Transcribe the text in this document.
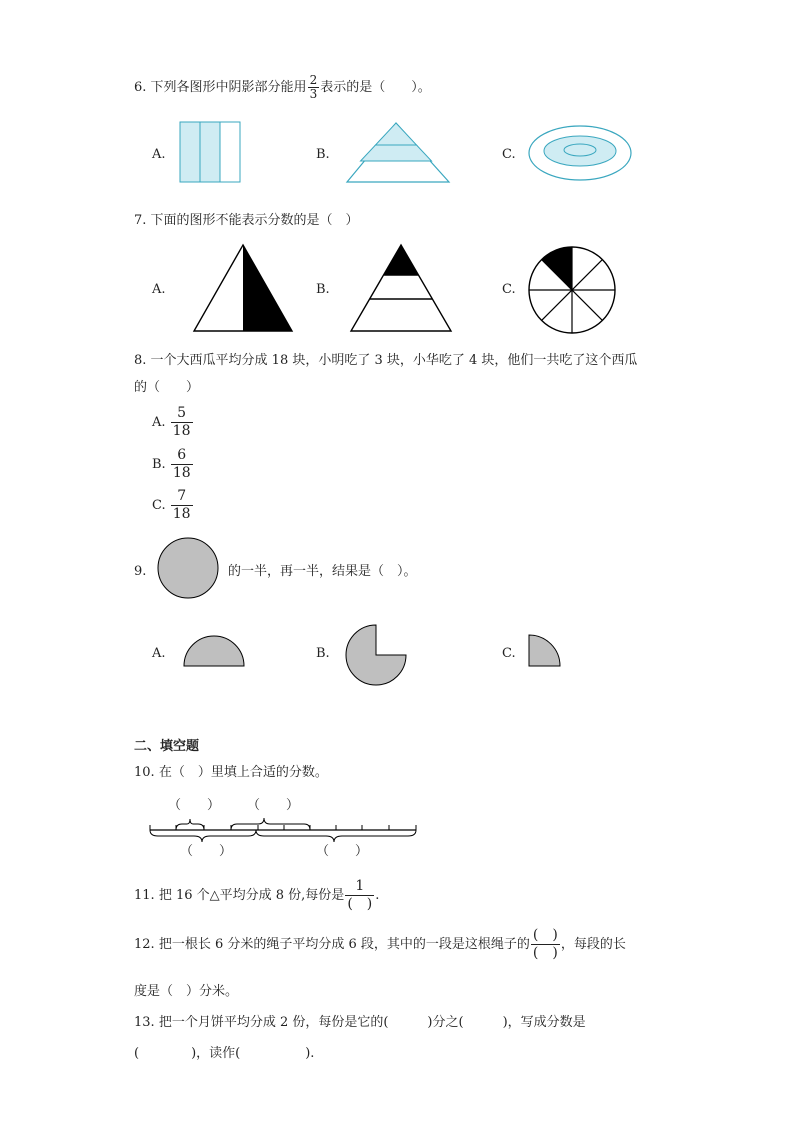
6. 下列各图形中阴影部分能用 $\frac{2}{3}$ 表示的是（　　）。
A.	B.	C.
7. 下面的图形不能表示分数的是（　）
A.	B.	C.
8. 一个大西瓜平均分成 18 块，小明吃了 3 块，小华吃了 4 块，他们一共吃了这个西瓜
的（　　）
A. $\frac{5}{18}$
B. $\frac{6}{18}$
C. $\frac{7}{18}$
9.	的一半，再一半，结果是（　）。
A.	B.	C.
二、填空题
10. 在（　）里填上合适的分数。
（　　） （　　）
（　　）	（　　）
11. 把 16 个△平均分成 8 份,每份是 $\frac{1}{( )}$ .
12. 把一根长 6 分米的绳子平均分成 6 段，其中的一段是这根绳子的 $\frac{( )}{( )}$ ，每段的长
度是（　）分米。
13. 把一个月饼平均分成 2 份，每份是它的(　　　)分之(　　　)，写成分数是
(　　　　)，读作(　　　　　).
